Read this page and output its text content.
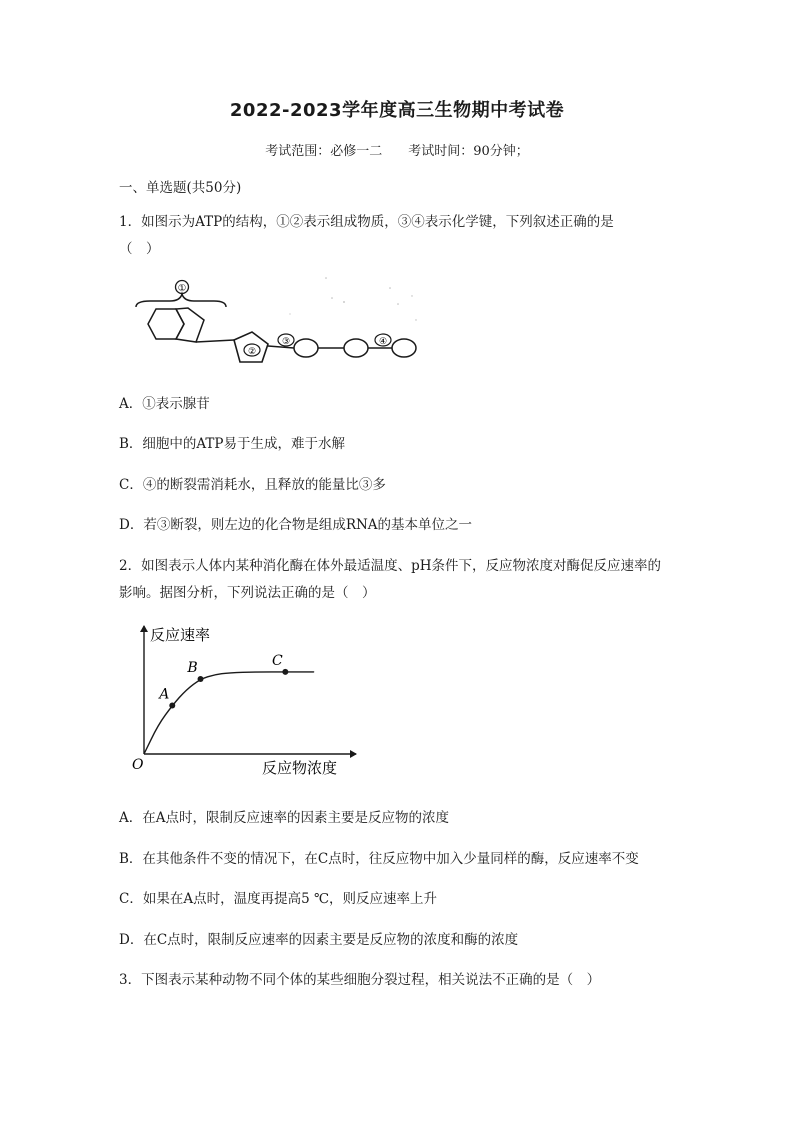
2022-2023学年度高三生物期中考试卷
考试范围：必修一二 考试时间：90分钟；
一、单选题(共50分)
1．如图示为ATP的结构，①②表示组成物质，③④表示化学键，下列叙述正确的是
（　）
①
②
③	④
A．①表示腺苷
B．细胞中的ATP易于生成，难于水解
C．④的断裂需消耗水，且释放的能量比③多
D．若③断裂，则左边的化合物是组成RNA的基本单位之一
2．如图表示人体内某种消化酶在体外最适温度、pH条件下，反应物浓度对酶促反应速率的
影响。据图分析，下列说法正确的是（　）
反应速率
反应物浓度
O
A
B	C
A．在A点时，限制反应速率的因素主要是反应物的浓度
B．在其他条件不变的情况下，在C点时，往反应物中加入少量同样的酶，反应速率不变
C．如果在A点时，温度再提高5 ℃，则反应速率上升
D．在C点时，限制反应速率的因素主要是反应物的浓度和酶的浓度
3．下图表示某种动物不同个体的某些细胞分裂过程，相关说法不正确的是（　）
